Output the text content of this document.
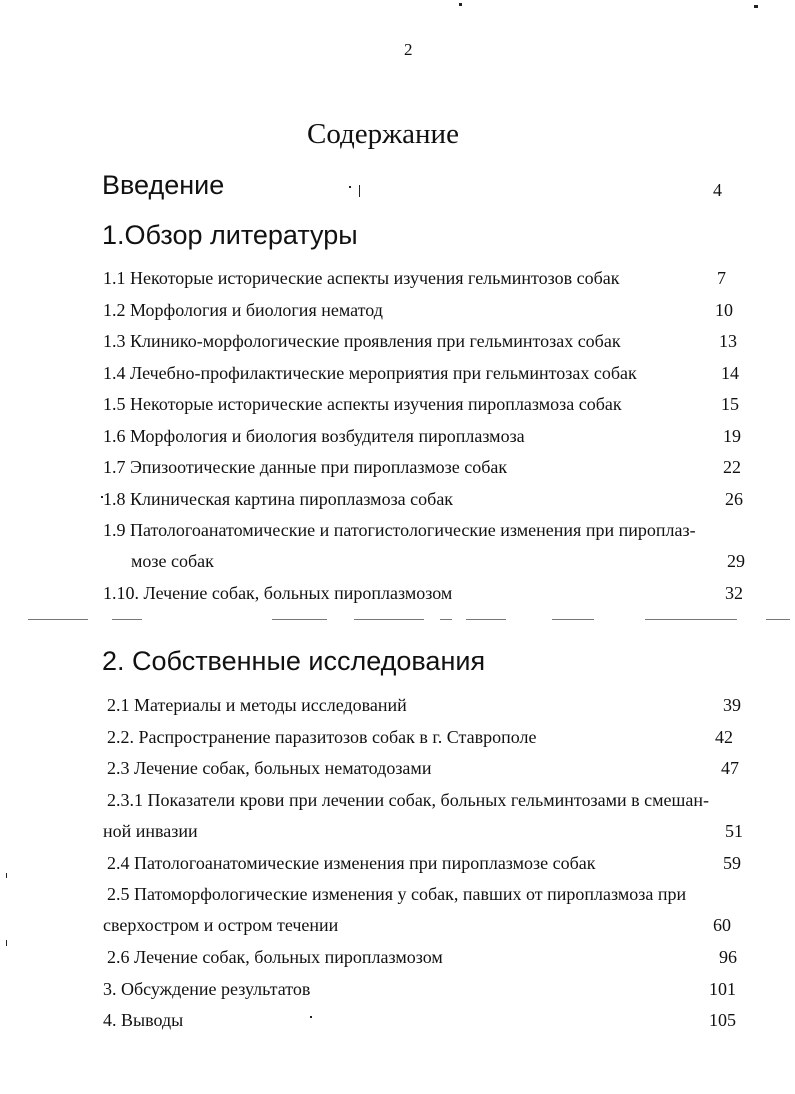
2
Содержание
Введение	4
1.Обзор литературы
1.1 Некоторые исторические аспекты изучения гельминтозов собак	7
1.2 Морфология и биология нематод	10
1.3 Клинико-морфологические проявления при гельминтозах собак	13
1.4 Лечебно-профилактические мероприятия при гельминтозах собак	14
1.5 Некоторые исторические аспекты изучения пироплазмоза собак	15
1.6 Морфология и биология возбудителя пироплазмоза	19
1.7 Эпизоотические данные при пироплазмозе собак	22
1.8 Клиническая картина пироплазмоза собак	26
1.9 Патологоанатомические и патогистологические изменения при пироплаз-
мозе собак	29
1.10. Лечение собак, больных пироплазмозом	32
2. Собственные исследования
2.1 Материалы и методы исследований	39
2.2. Распространение паразитозов собак в г. Ставрополе	42
2.3 Лечение собак, больных нематодозами	47
2.3.1 Показатели крови при лечении собак, больных гельминтозами в смешан-
ной инвазии	51
2.4 Патологоанатомические изменения при пироплазмозе собак	59
2.5 Патоморфологические изменения у собак, павших от пироплазмоза при
сверхостром и остром течении	60
2.6 Лечение собак, больных пироплазмозом	96
3. Обсуждение результатов	101
4. Выводы	105
